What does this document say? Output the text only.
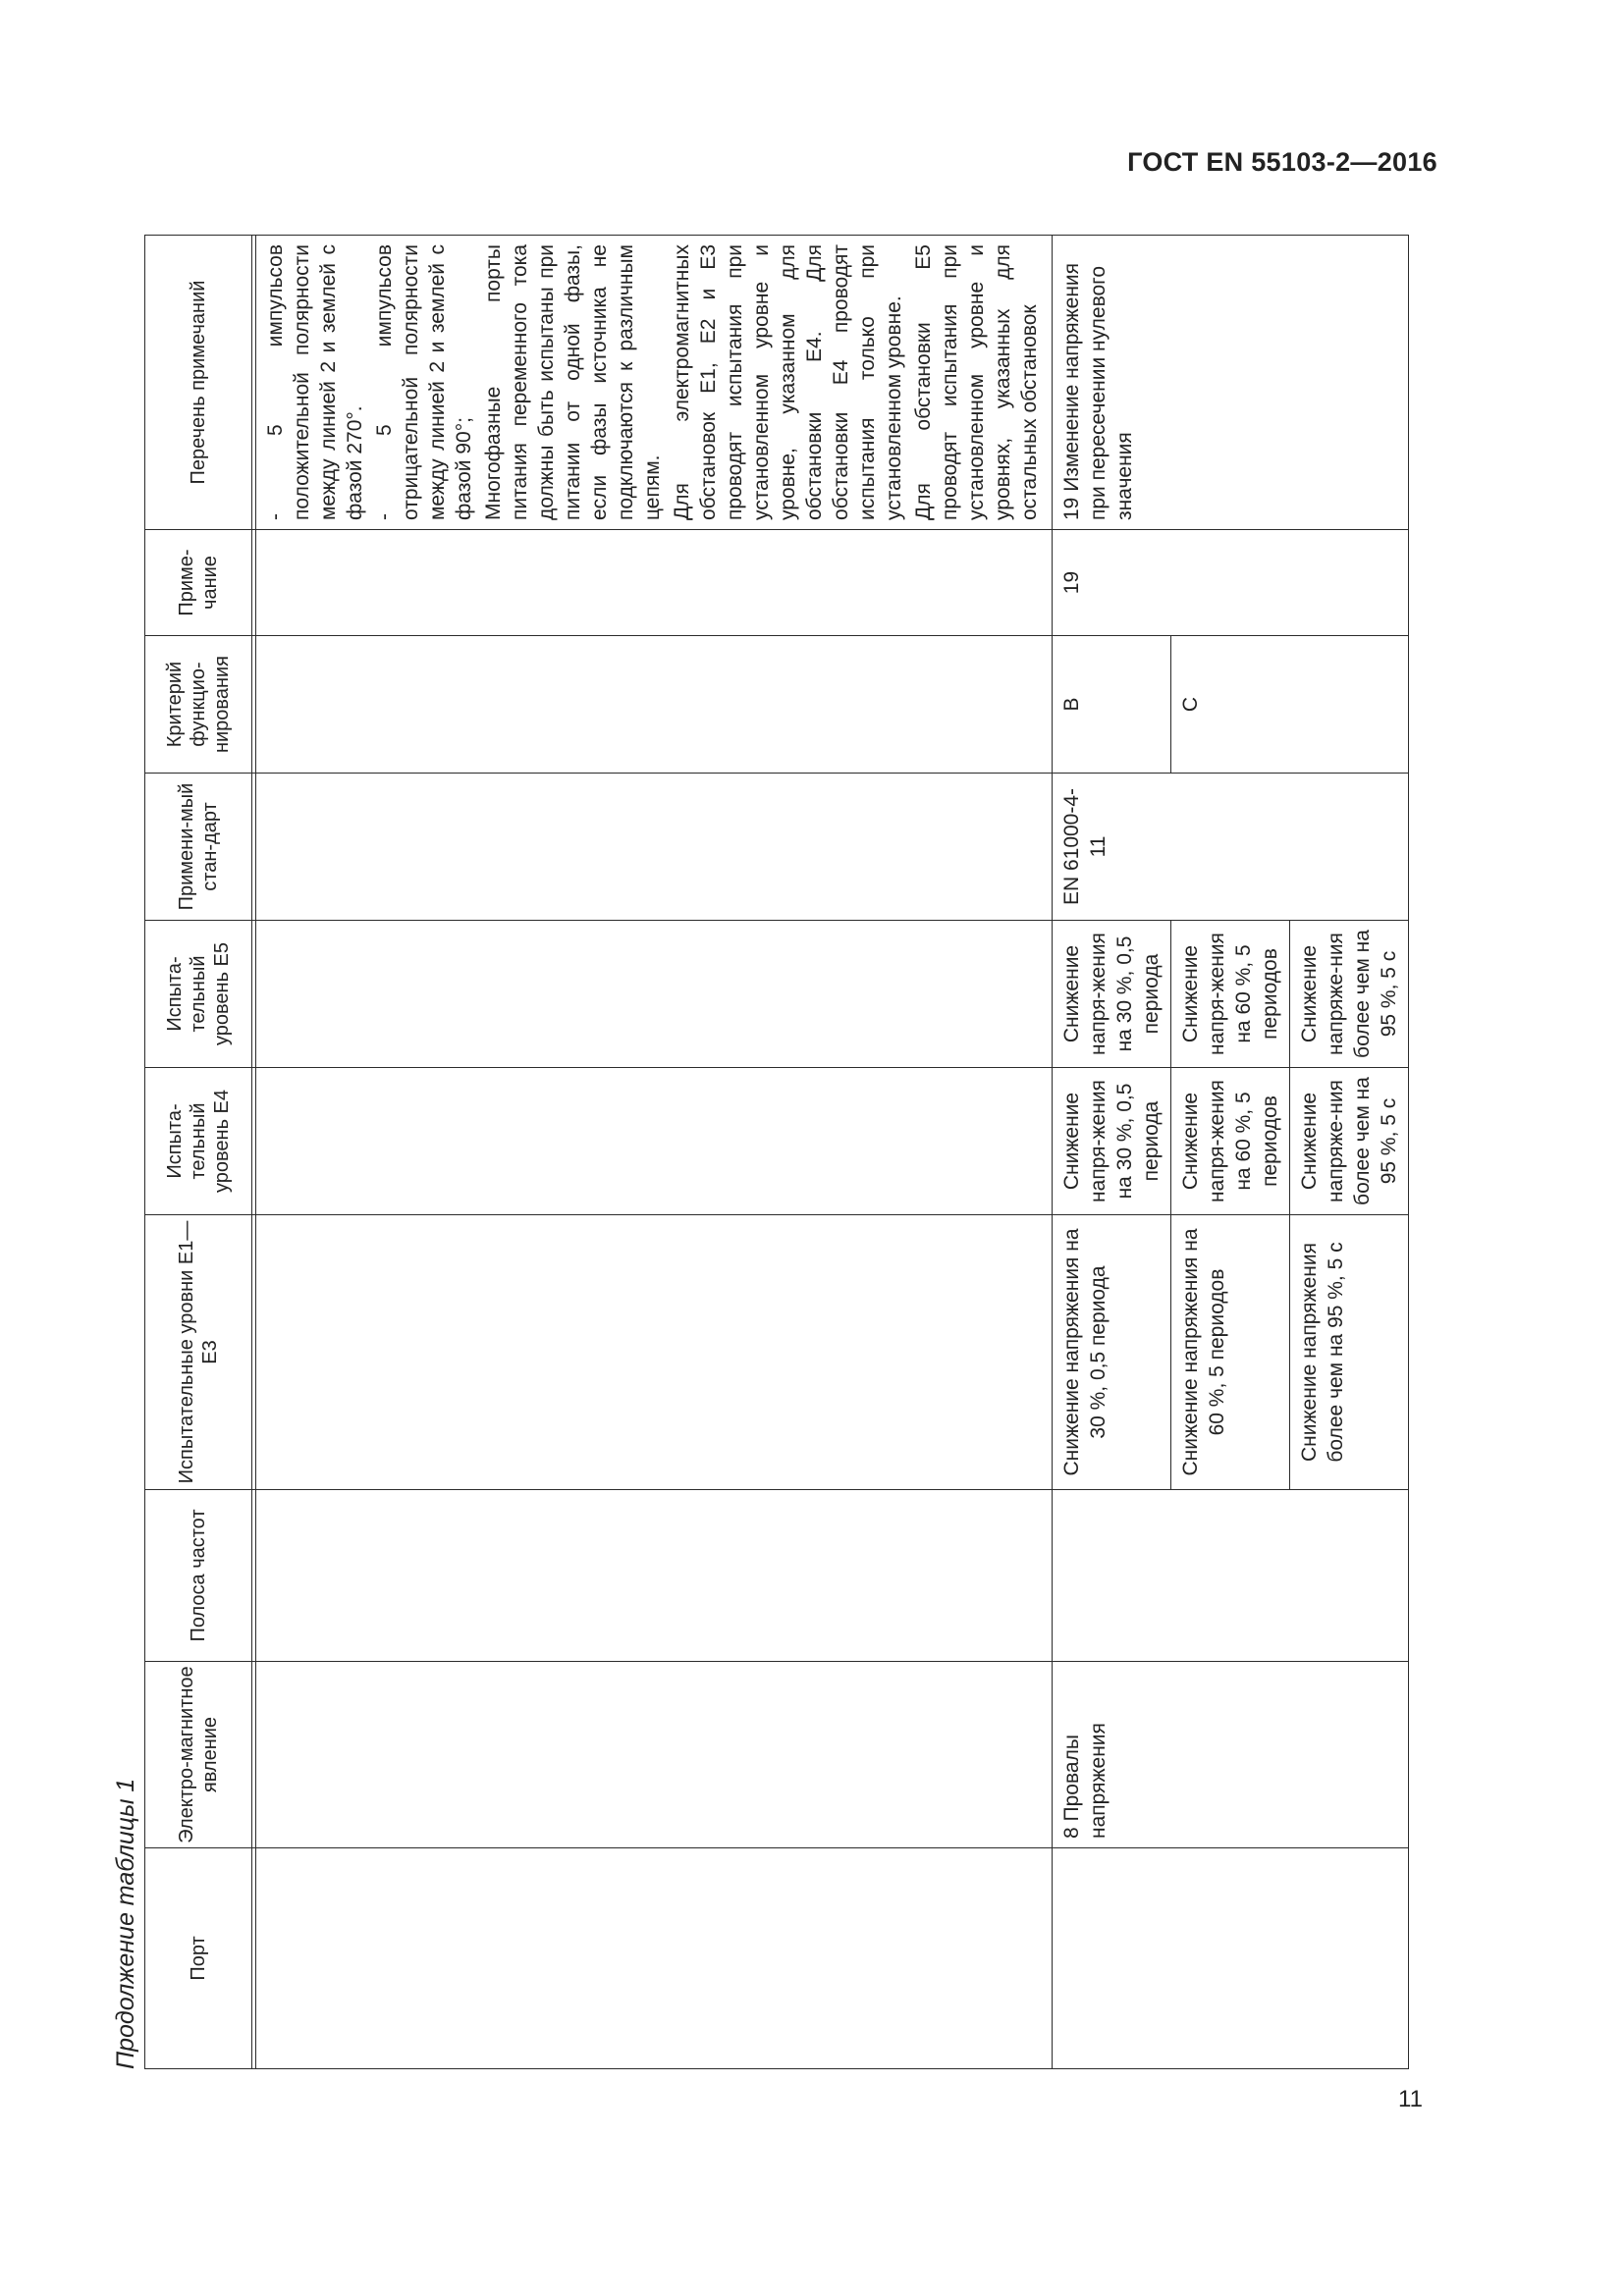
ГОСТ EN 55103-2—2016
Продолжение таблицы 1 Порт	Электро-магнитное явление	Полоса частот	Испытательные уровни Е1—Е3	Испыта-тельный уровень Е4	Испыта-тельный уровень Е5	Примени-мый стан-дарт	Критерий функцио-нирования	Приме-чание	Перечень примечаний

									- 5 импульсов положительной полярности между линией 2 и землей с фазой 270°. - 5 импульсов отрицательной полярности между линией 2 и землей с фазой 90°; Многофазные порты питания переменного тока должны быть испытаны при питании от одной фазы, если фазы источника не подключаются к различным цепям. Для электромагнитных обстановок Е1, Е2 и Е3 проводят испытания при установленном уровне и уровне, указанном для обстановки Е4. Для обстановки Е4 проводят испытания только при установленном уровне. Для обстановки Е5 проводят испытания при установленном уровне и уровнях, указанных для остальных обстановок

	8 Провалы напряжения		Снижение напряжения на 30 %, 0,5 периода	Снижение напря-жения на 30 %, 0,5 периода	Снижение напря-жения на 30 %, 0,5 периода	EN 61000-4-11	В	19	19 Изменение напряжения при пересечении нулевого значения
			Снижение напряжения на 60 %, 5 периодов	Снижение напря-жения на 60 %, 5 периодов	Снижение напря-жения на 60 %, 5 периодов		С		
			Снижение напряжения более чем на 95 %, 5 с	Снижение напряже-ния более чем на 95 %, 5 с	Снижение напряже-ния более чем на 95 %, 5 с				
11
